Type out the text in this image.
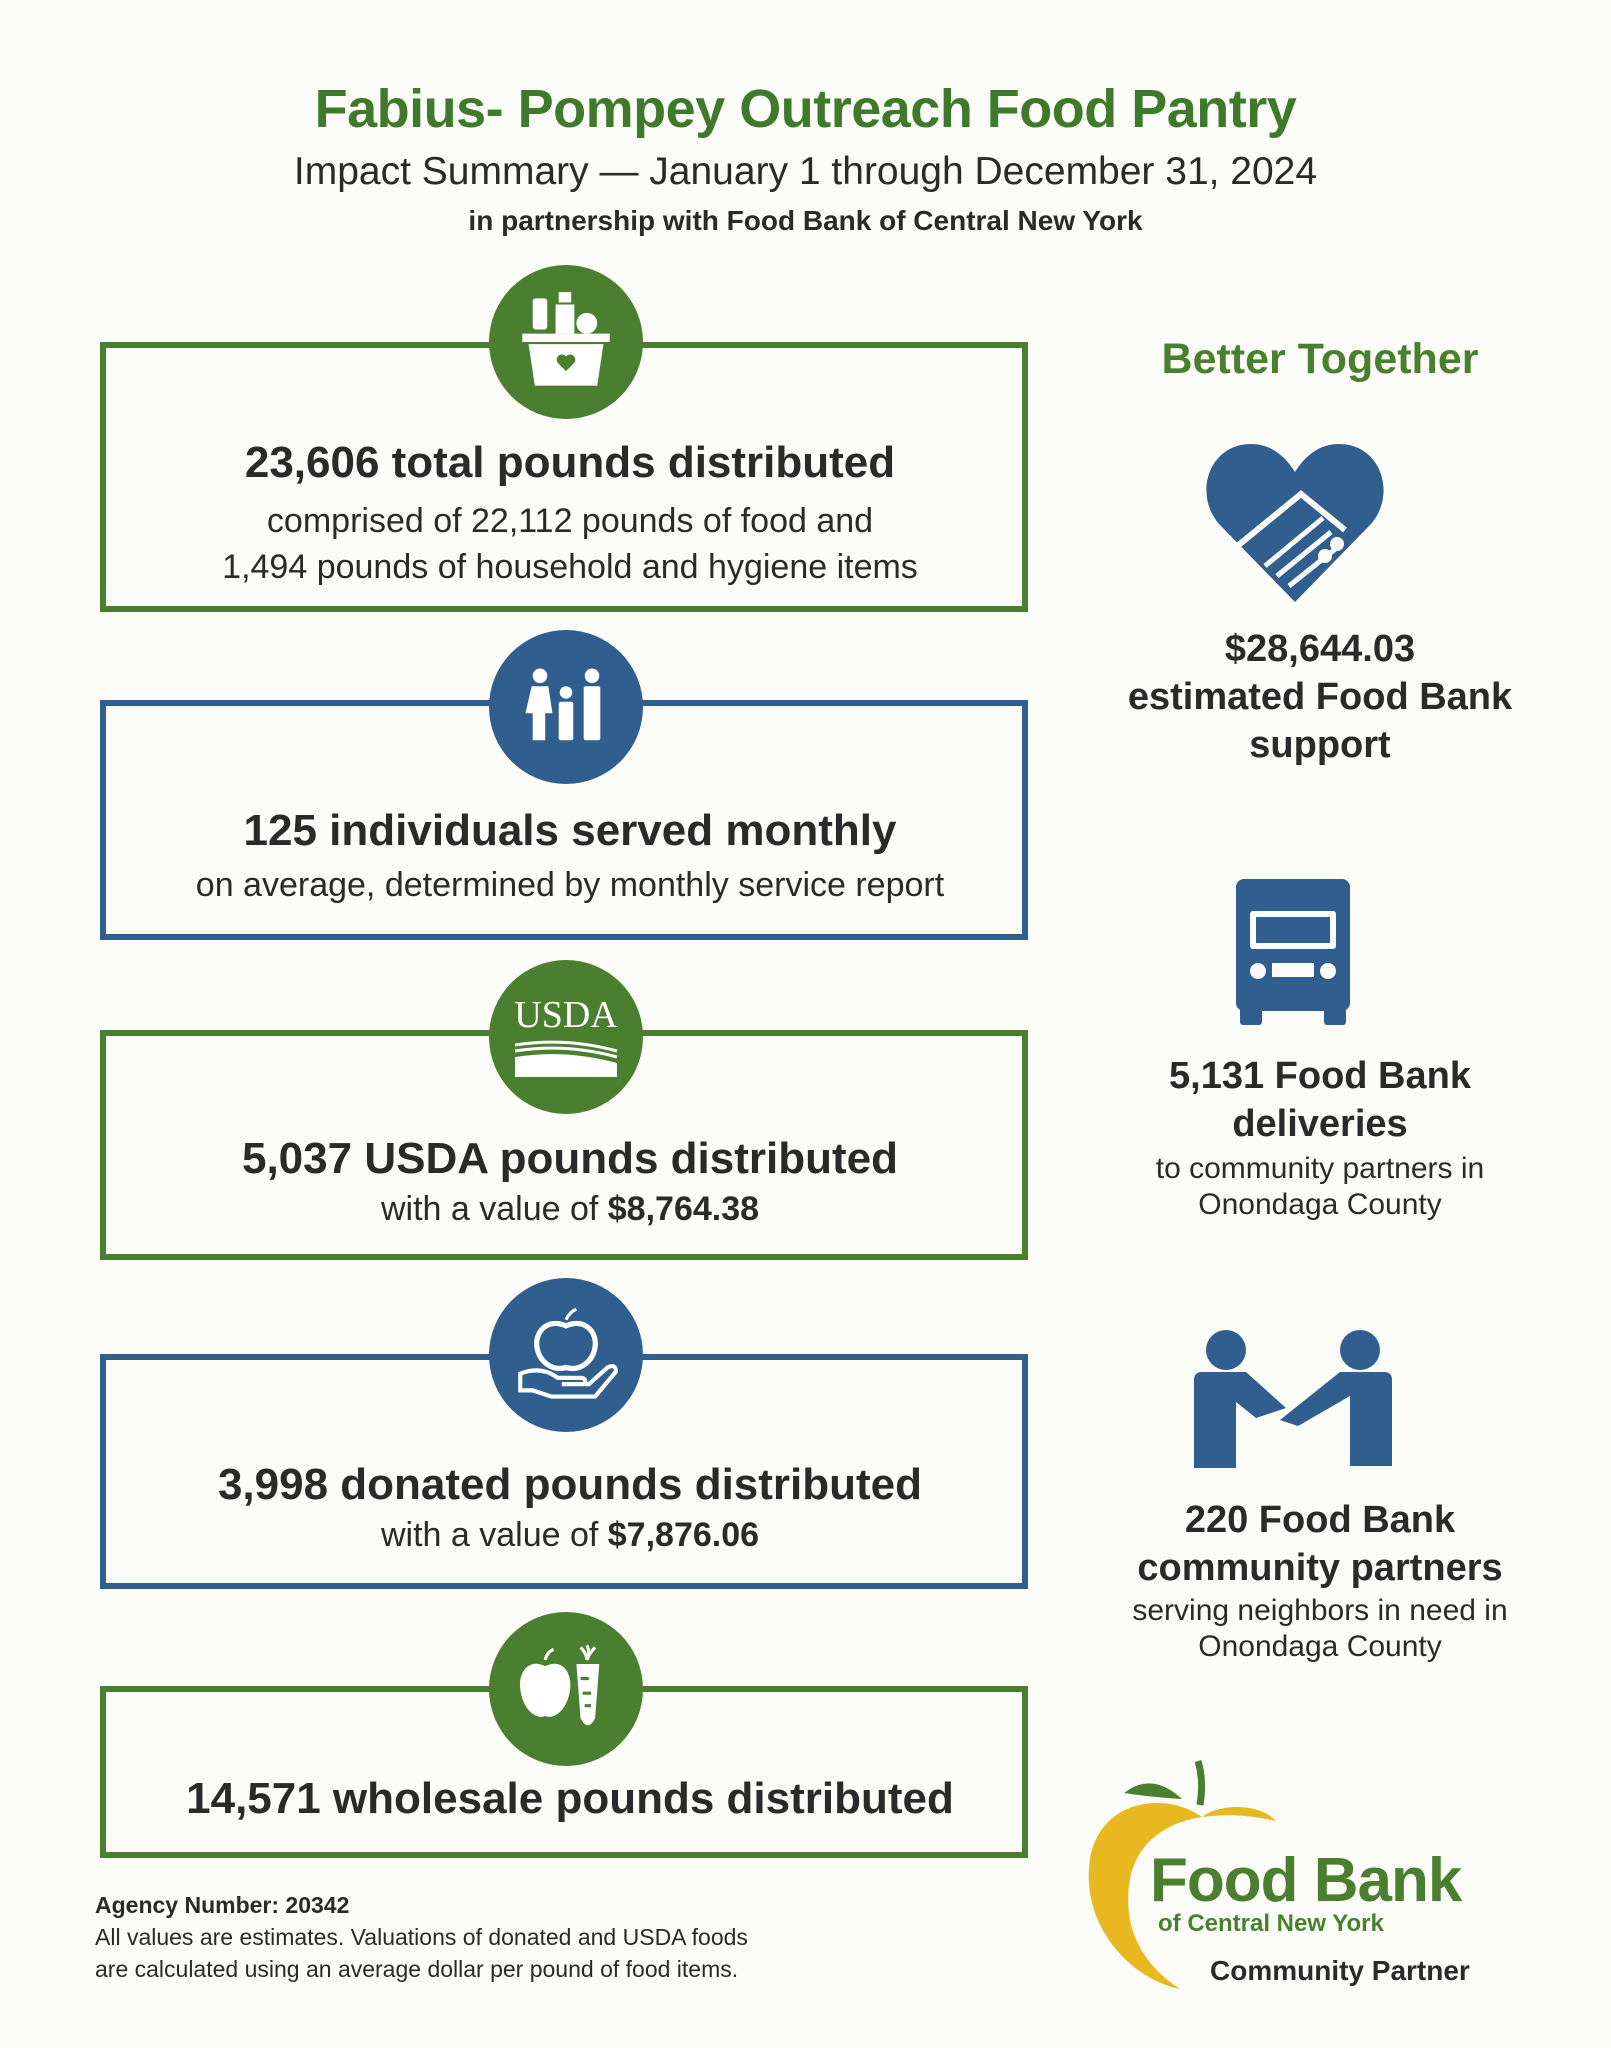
Fabius- Pompey Outreach Food Pantry
Impact Summary — January 1 through December 31, 2024
in partnership with Food Bank of Central New York
23,606 total pounds distributed
comprised of 22,112 pounds of food and
1,494 pounds of household and hygiene items
125 individuals served monthly
on average, determined by monthly service report
5,037 USDA pounds distributed
with a value of $8,764.38
USDA
3,998 donated pounds distributed
with a value of $7,876.06
14,571 wholesale pounds distributed
Better Together
$28,644.03
estimated Food Bank
support
5,131 Food Bank
deliveries
to community partners in
Onondaga County
220 Food Bank
community partners
serving neighbors in need in
Onondaga County
Agency Number: 20342
All values are estimates. Valuations of donated and USDA foods
are calculated using an average dollar per pound of food items.
Food Bank
of Central New York
Community Partner
